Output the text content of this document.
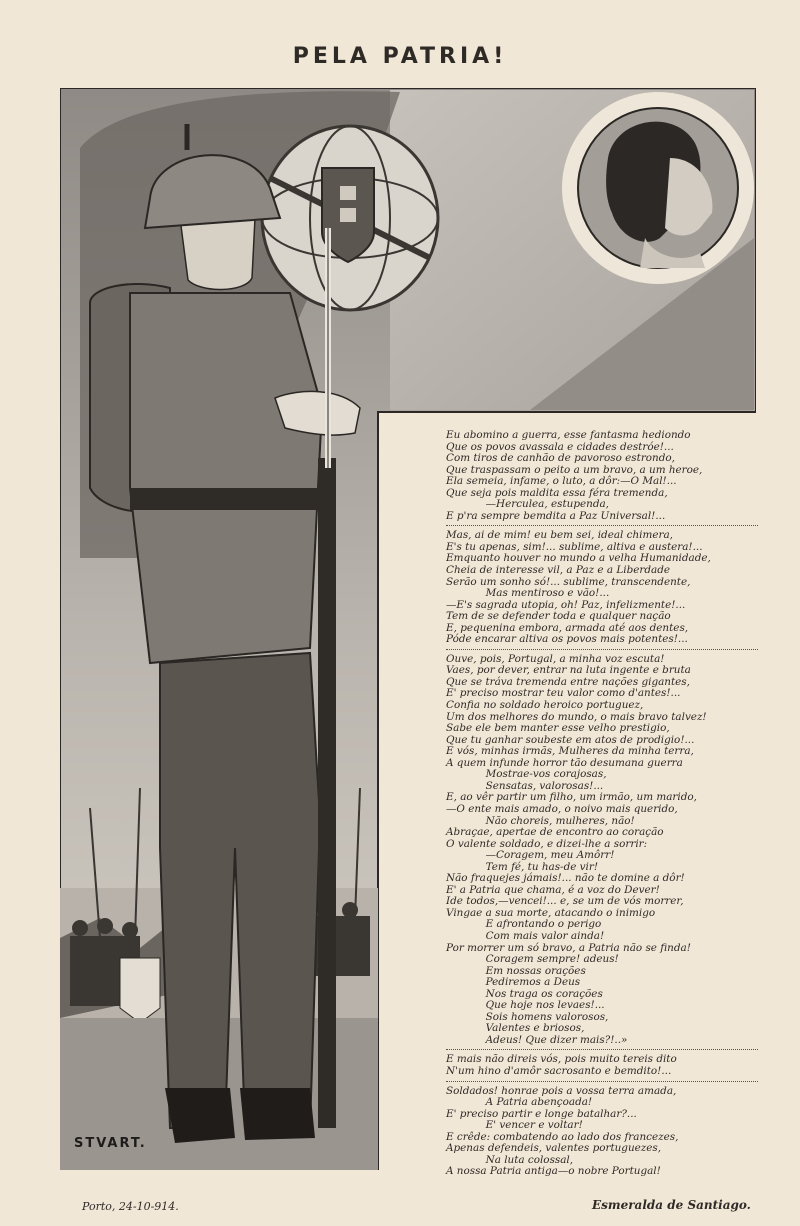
PELA PATRIA!
STVART.
Eu abomino a guerra, esse fantasma hediondo
Que os povos avassala e cidades destróe!...
Com tiros de canhão de pavoroso estrondo,
Que traspassam o peito a um bravo, a um heroe,
Ela semeia, infame, o luto, a dôr:—O Mal!...
Que seja pois maldita essa féra tremenda,
—Herculea, estupenda,
E p'ra sempre bemdita a Paz Universal!...
Mas, ai de mim! eu bem sei, ideal chimera,
E's tu apenas, sim!... sublime, altiva e austera!...
Emquanto houver no mundo a velha Humanidade,
Cheia de interesse vil, a Paz e a Liberdade
Serão um sonho só!... sublime, transcendente,
Mas mentiroso e vão!...
—E's sagrada utopia, oh! Paz, infelizmente!...
Tem de se defender toda e qualquer nação
E, pequenina embora, armada até aos dentes,
Póde encarar altiva os povos mais potentes!...
Ouve, pois, Portugal, a minha voz escuta!
Vaes, por dever, entrar na luta ingente e bruta
Que se tráva tremenda entre nações gigantes,
E' preciso mostrar teu valor como d'antes!...
Confia no soldado heroico portuguez,
Um dos melhores do mundo, o mais bravo talvez!
Sabe ele bem manter esse velho prestigio,
Que tu ganhar soubeste em atos de prodigio!...
E vós, minhas irmãs, Mulheres da minha terra,
A quem infunde horror tão desumana guerra
Mostrae-vos corajosas,
Sensatas, valorosas!...
E, ao vêr partir um filho, um irmão, um marido,
—O ente mais amado, o noivo mais querido,
Não choreis, mulheres, não!
Abraçae, apertae de encontro ao coração
O valente soldado, e dizei-lhe a sorrir:
—Coragem, meu Amôrr!
Tem fé, tu has-de vir!
Não fraquejes jámais!... não te domine a dôr!
E' a Patria que chama, é a voz do Dever!
Ide todos,—vencei!... e, se um de vós morrer,
Vingae a sua morte, atacando o inimigo
E afrontando o perigo
Com mais valor ainda!
Por morrer um só bravo, a Patria não se finda!
Coragem sempre! adeus!
Em nossas orações
Pediremos a Deus
Nos traga os corações
Que hoje nos levaes!...
Sois homens valorosos,
Valentes e briosos,
Adeus! Que dizer mais?!..»
E mais não direis vós, pois muito tereis dito
N'um hino d'amôr sacrosanto e bemdito!...
Soldados! honrae pois a vossa terra amada,
A Patria abençoada!
E' preciso partir e longe batalhar?...
E' vencer e voltar!
E crêde: combatendo ao lado dos francezes,
Apenas defendeis, valentes portuguezes,
Na luta colossal,
A nossa Patria antiga—o nobre Portugal!
Porto, 24-10-914.	Esmeralda de Santiago.
